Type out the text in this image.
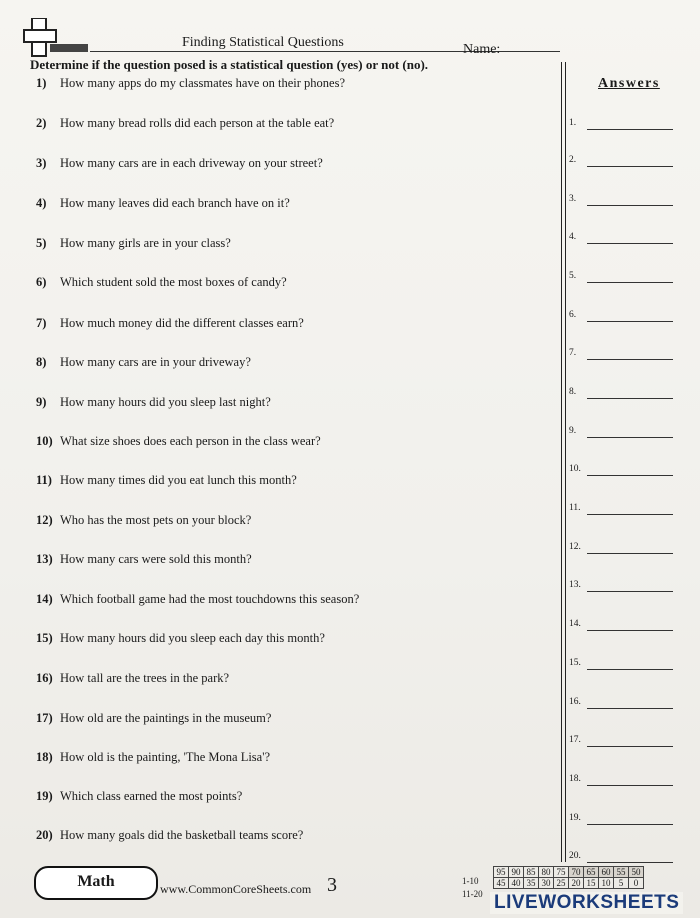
Finding Statistical Questions	Name:
Determine if the question posed is a statistical question (yes) or not (no).
1) How many apps do my classmates have on their phones?
2) How many bread rolls did each person at the table eat?
3) How many cars are in each driveway on your street?
4) How many leaves did each branch have on it?
5) How many girls are in your class?
6) Which student sold the most boxes of candy?
7) How much money did the different classes earn?
8) How many cars are in your driveway?
9) How many hours did you sleep last night?
10) What size shoes does each person in the class wear?
11) How many times did you eat lunch this month?
12) Who has the most pets on your block?
13) How many cars were sold this month?
14) Which football game had the most touchdowns this season?
15) How many hours did you sleep each day this month?
16) How tall are the trees in the park?
17) How old are the paintings in the museum?
18) How old is the painting, 'The Mona Lisa'?
19) Which class earned the most points?
20) How many goals did the basketball teams score?
Answers
1.
2.
3.
4.
5.
6.
7.
8.
9.
10.
11.
12.
13.
14.
15.
16.
17.
18.
19.
20.
Math	www.CommonCoreSheets.com 3	1-10
11-20
95	90	85	80	75	70	65	60	55	50
45	40	35	30	25	20	15	10	5	0
LIVEWORKSHEETS
